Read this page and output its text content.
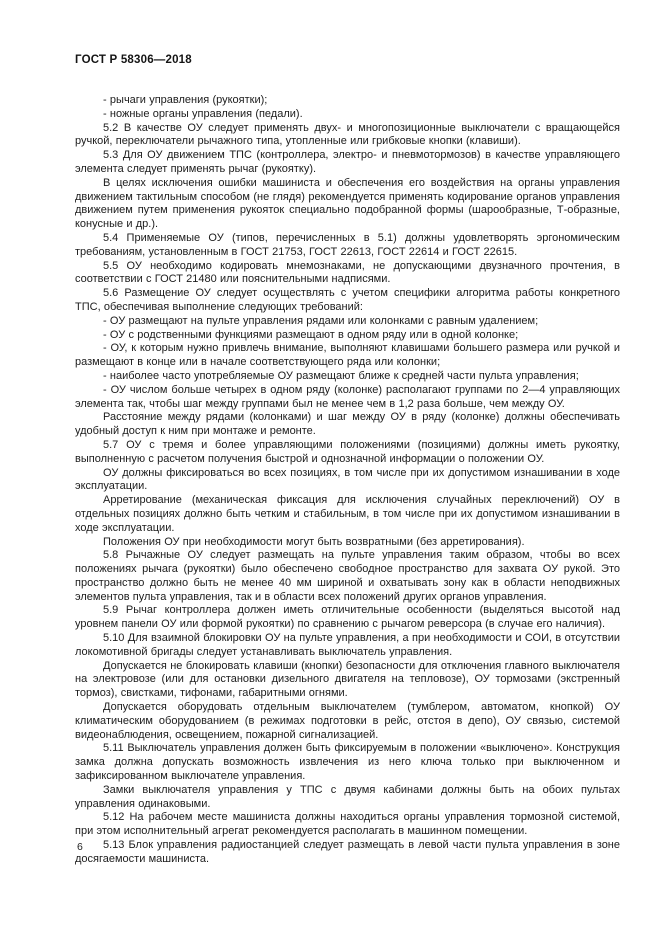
ГОСТ Р 58306—2018

- рычаги управления (рукоятки);

- ножные органы управления (педали).

5.2 В качестве ОУ следует применять двух- и многопозиционные выключатели с вращающейся ручкой, переключатели рычажного типа, утопленные или грибковые кнопки (клавиши).

5.3 Для ОУ движением ТПС (контроллера, электро- и пневмотормозов) в качестве управляющего элемента следует применять рычаг (рукоятку).

В целях исключения ошибки машиниста и обеспечения его воздействия на органы управления движением тактильным способом (не глядя) рекомендуется применять кодирование органов управления движением путем применения рукояток специально подобранной формы (шарообразные, Т-образные, конусные и др.).

5.4 Применяемые ОУ (типов, перечисленных в 5.1) должны удовлетворять эргономическим требованиям, установленным в ГОСТ 21753, ГОСТ 22613, ГОСТ 22614 и ГОСТ 22615.

5.5 ОУ необходимо кодировать мнемознаками, не допускающими двузначного прочтения, в соответствии с ГОСТ 21480 или пояснительными надписями.

5.6 Размещение ОУ следует осуществлять с учетом специфики алгоритма работы конкретного ТПС, обеспечивая выполнение следующих требований:

- ОУ размещают на пульте управления рядами или колонками с равным удалением;

- ОУ с родственными функциями размещают в одном ряду или в одной колонке;

- ОУ, к которым нужно привлечь внимание, выполняют клавишами большего размера или ручкой и размещают в конце или в начале соответствующего ряда или колонки;

- наиболее часто употребляемые ОУ размещают ближе к средней части пульта управления;

- ОУ числом больше четырех в одном ряду (колонке) располагают группами по 2—4 управляющих элемента так, чтобы шаг между группами был не менее чем в 1,2 раза больше, чем между ОУ.

Расстояние между рядами (колонками) и шаг между ОУ в ряду (колонке) должны обеспечивать удобный доступ к ним при монтаже и ремонте.

5.7 ОУ с тремя и более управляющими положениями (позициями) должны иметь рукоятку, выполненную с расчетом получения быстрой и однозначной информации о положении ОУ.

ОУ должны фиксироваться во всех позициях, в том числе при их допустимом изнашивании в ходе эксплуатации.

Арретирование (механическая фиксация для исключения случайных переключений) ОУ в отдельных позициях должно быть четким и стабильным, в том числе при их допустимом изнашивании в ходе эксплуатации.

Положения ОУ при необходимости могут быть возвратными (без арретирования).

5.8 Рычажные ОУ следует размещать на пульте управления таким образом, чтобы во всех положениях рычага (рукоятки) было обеспечено свободное пространство для захвата ОУ рукой. Это пространство должно быть не менее 40 мм шириной и охватывать зону как в области неподвижных элементов пульта управления, так и в области всех положений других органов управления.

5.9 Рычаг контроллера должен иметь отличительные особенности (выделяться высотой над уровнем панели ОУ или формой рукоятки) по сравнению с рычагом реверсора (в случае его наличия).

5.10 Для взаимной блокировки ОУ на пульте управления, а при необходимости и СОИ, в отсутствии локомотивной бригады следует устанавливать выключатель управления.

Допускается не блокировать клавиши (кнопки) безопасности для отключения главного выключателя на электровозе (или для остановки дизельного двигателя на тепловозе), ОУ тормозами (экстренный тормоз), свистками, тифонами, габаритными огнями.

Допускается оборудовать отдельным выключателем (тумблером, автоматом, кнопкой) ОУ климатическим оборудованием (в режимах подготовки в рейс, отстоя в депо), ОУ связью, системой видеонаблюдения, освещением, пожарной сигнализацией.

5.11 Выключатель управления должен быть фиксируемым в положении «выключено». Конструкция замка должна допускать возможность извлечения из него ключа только при выключенном и зафиксированном выключателе управления.

Замки выключателя управления у ТПС с двумя кабинами должны быть на обоих пультах управления одинаковыми.

5.12 На рабочем месте машиниста должны находиться органы управления тормозной системой, при этом исполнительный агрегат рекомендуется располагать в машинном помещении.

5.13 Блок управления радиостанцией следует размещать в левой части пульта управления в зоне досягаемости машиниста.

6
